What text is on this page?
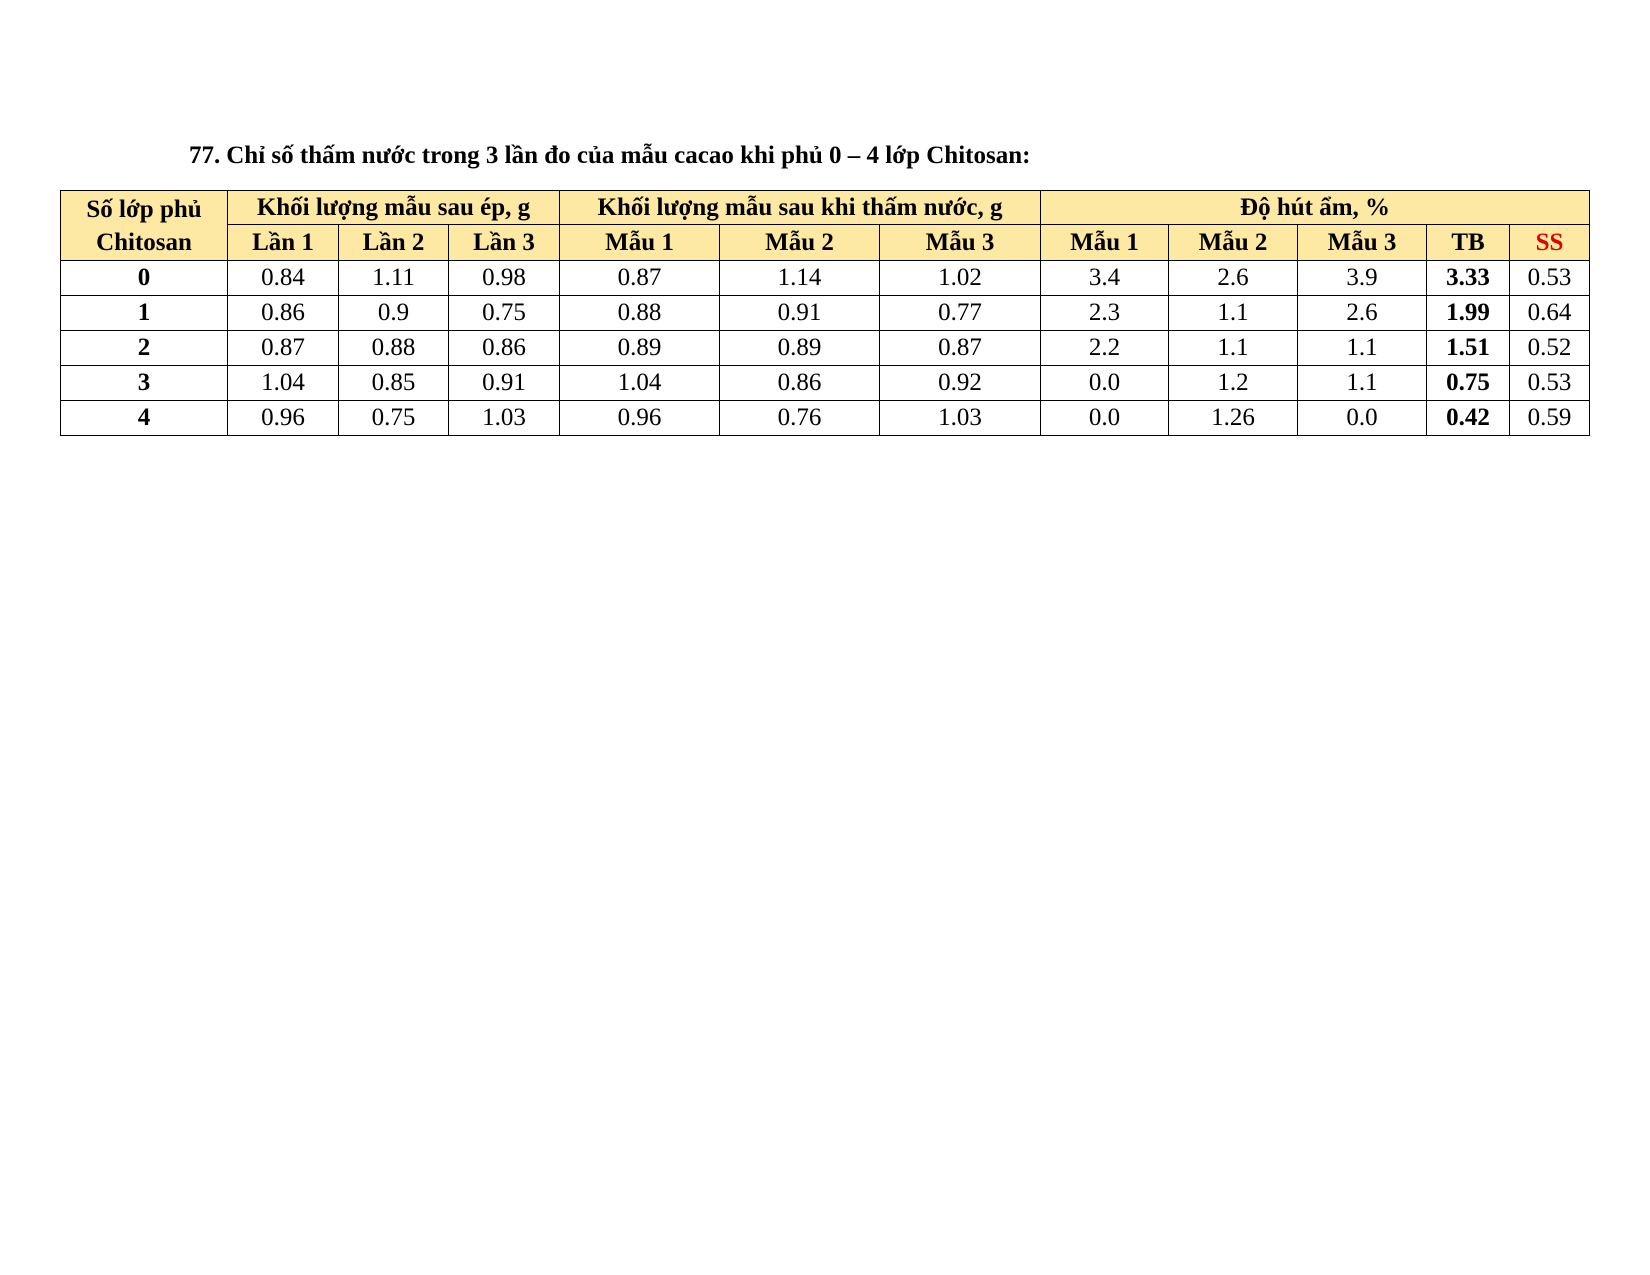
77. Chỉ số thấm nước trong 3 lần đo của mẫu cacao khi phủ 0 – 4 lớp Chitosan:
Số lớp phủ
Chitosan	Khối lượng mẫu sau ép, g			Khối lượng mẫu sau khi thấm nước, g			Độ hút ẩm, %				
	Lần 1	Lần 2	Lần 3	Mẫu 1	Mẫu 2	Mẫu 3	Mẫu 1	Mẫu 2	Mẫu 3	TB	SS
0	0.84	1.11	0.98	0.87	1.14	1.02	3.4	2.6	3.9	3.33	0.53
1	0.86	0.9	0.75	0.88	0.91	0.77	2.3	1.1	2.6	1.99	0.64
2	0.87	0.88	0.86	0.89	0.89	0.87	2.2	1.1	1.1	1.51	0.52
3	1.04	0.85	0.91	1.04	0.86	0.92	0.0	1.2	1.1	0.75	0.53
4	0.96	0.75	1.03	0.96	0.76	1.03	0.0	1.26	0.0	0.42	0.59
